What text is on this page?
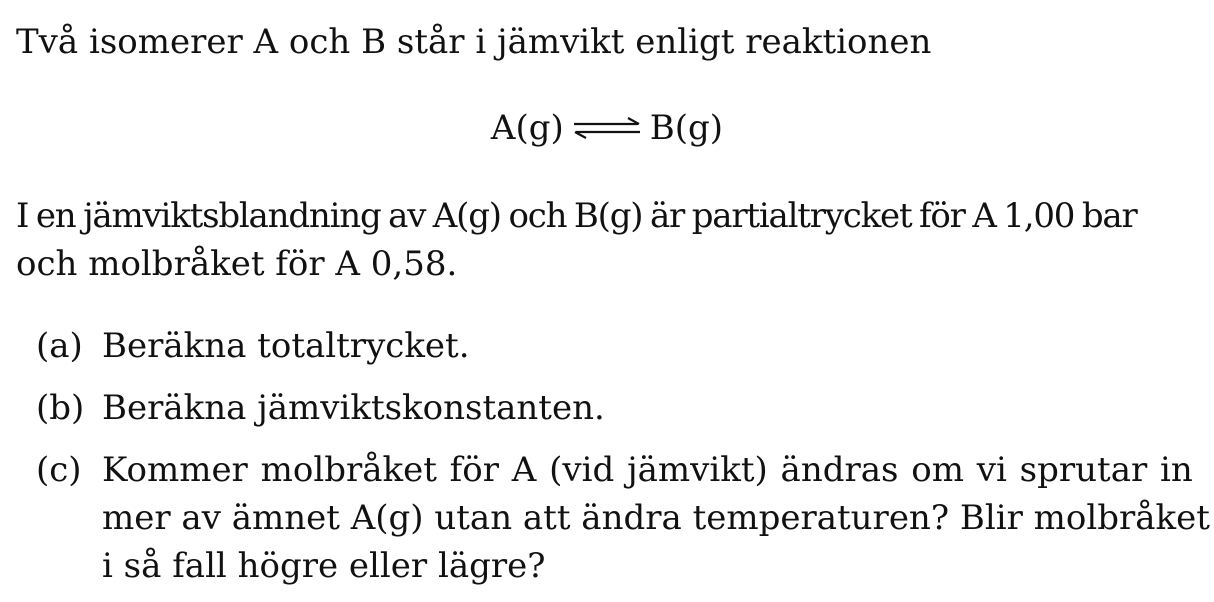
Två isomerer A och B står i jämvikt enligt reaktionen
A(g) ⇌ B(g)
I en jämviktsblandning av A(g) och B(g) är partialtrycket för A 1,00 bar
och molbråket för A 0,58.
(a) Beräkna totaltrycket.
(b) Beräkna jämviktskonstanten.
(c) Kommer molbråket för A (vid jämvikt) ändras om vi sprutar in
mer av ämnet A(g) utan att ändra temperaturen? Blir molbråket
i så fall högre eller lägre?
